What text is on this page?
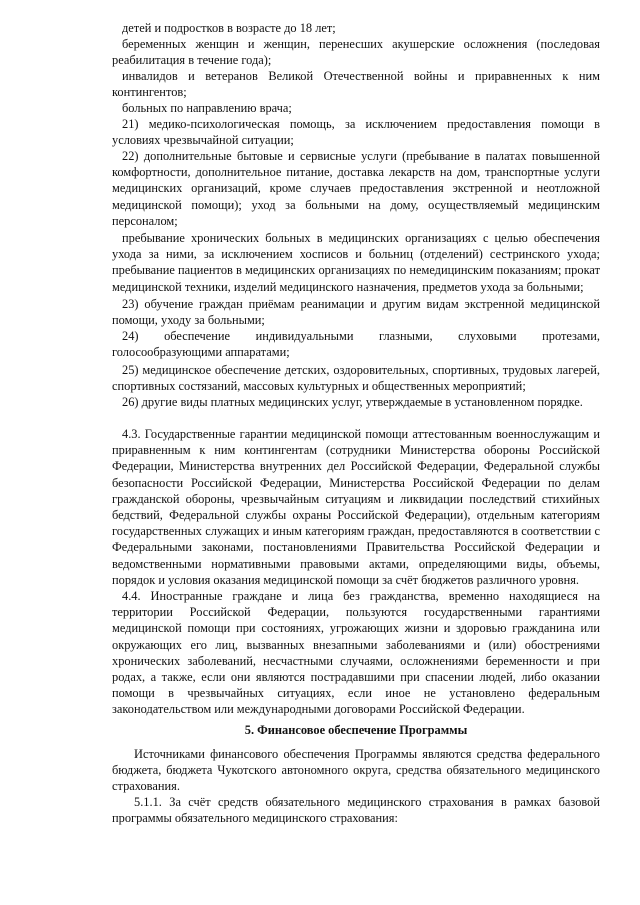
детей и подростков в возрасте до 18 лет;

беременных женщин и женщин, перенесших акушерские осложнения (последовая реабилитация в течение года);

инвалидов и ветеранов Великой Отечественной войны и приравненных к ним контингентов;

больных по направлению врача;

21) медико-психологическая помощь, за исключением предоставления помощи в условиях чрезвычайной ситуации;

22) дополнительные бытовые и сервисные услуги (пребывание в палатах повышенной комфортности, дополнительное питание, доставка лекарств на дом, транспортные услуги медицинских организаций, кроме случаев предоставления экстренной и неотложной медицинской помощи); уход за больными на дому, осуществляемый медицинским персоналом;

пребывание хронических больных в медицинских организациях с целью обеспечения ухода за ними, за исключением хосписов и больниц (отделений) сестринского ухода; пребывание пациентов в медицинских организациях по немедицинским показаниям; прокат медицинской техники, изделий медицинского назначения, предметов ухода за больными;

23) обучение граждан приёмам реанимации и другим видам экстренной медицинской помощи, уходу за больными;

24) обеспечение индивидуальными глазными, слуховыми протезами, голосообразующими аппаратами;

25) медицинское обеспечение детских, оздоровительных, спортивных, трудовых лагерей, спортивных состязаний, массовых культурных и общественных мероприятий;

26) другие виды платных медицинских услуг, утверждаемые в установленном порядке.

4.3. Государственные гарантии медицинской помощи аттестованным военнослужащим и приравненным к ним контингентам (сотрудники Министерства обороны Российской Федерации, Министерства внутренних дел Российской Федерации, Федеральной службы безопасности Российской Федерации, Министерства Российской Федерации по делам гражданской обороны, чрезвычайным ситуациям и ликвидации последствий стихийных бедствий, Федеральной службы охраны Российской Федерации), отдельным категориям государственных служащих и иным категориям граждан, предоставляются в соответствии с Федеральными законами, постановлениями Правительства Российской Федерации и ведомственными нормативными правовыми актами, определяющими виды, объемы, порядок и условия оказания медицинской помощи за счёт бюджетов различного уровня.

4.4. Иностранные граждане и лица без гражданства, временно находящиеся на территории Российской Федерации, пользуются государственными гарантиями медицинской помощи при состояниях, угрожающих жизни и здоровью гражданина или окружающих его лиц, вызванных внезапными заболеваниями и (или) обострениями хронических заболеваний, несчастными случаями, осложнениями беременности и при родах, а также, если они являются пострадавшими при спасении людей, либо оказании помощи в чрезвычайных ситуациях, если иное не установлено федеральным законодательством или международными договорами Российской Федерации.

5. Финансовое обеспечение Программы

Источниками финансового обеспечения Программы являются средства федерального бюджета, бюджета Чукотского автономного округа, средства обязательного медицинского страхования.

5.1.1. За счёт средств обязательного медицинского страхования в рамках базовой программы обязательного медицинского страхования:
